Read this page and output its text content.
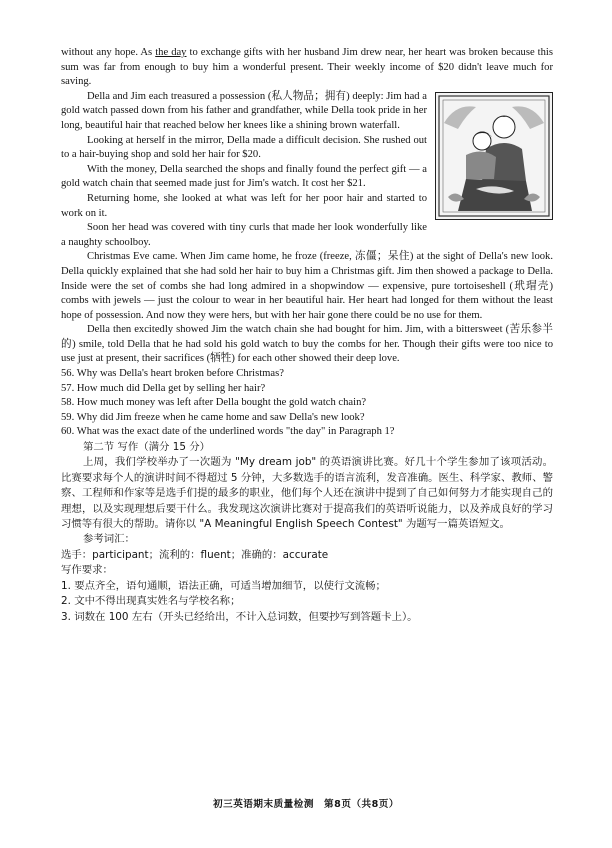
without any hope. As the day to exchange gifts with her husband Jim drew near, her heart was broken because this sum was far from enough to buy him a wonderful present. Their weekly income of $20 didn't leave much for saving.

Della and Jim each treasured a possession (私人物品；拥有) deeply: Jim had a gold watch passed down from his father and grandfather, while Della took pride in her long, beautiful hair that reached below her knees like a shining brown waterfall.

Looking at herself in the mirror, Della made a difficult decision. She rushed out to a hair-buying shop and sold her hair for $20.

With the money, Della searched the shops and finally found the perfect gift — a gold watch chain that seemed made just for Jim's watch. It cost her $21.

Returning home, she looked at what was left for her poor hair and started to work on it.

Soon her head was covered with tiny curls that made her look wonderfully like a naughty schoolboy.

Christmas Eve came. When Jim came home, he froze (freeze, 冻僵；呆住) at the sight of Della's new look. Della quickly explained that she had sold her hair to buy him a Christmas gift. Jim then showed a package to Della. Inside were the set of combs she had long admired in a shopwindow — expensive, pure tortoiseshell (玳瑁壳) combs with jewels — just the colour to wear in her beautiful hair. Her heart had longed for them without the least hope of possession. And now they were hers, but with her hair gone there could be no use for them.

Della then excitedly showed Jim the watch chain she had bought for him. Jim, with a bittersweet (苦乐参半的) smile, told Della that he had sold his gold watch to buy the combs for her. Though their gifts were too nice to use just at present, their sacrifices (牺牲) for each other showed their deep love.

56. Why was Della's heart broken before Christmas?

57. How much did Della get by selling her hair?

58. How much money was left after Della bought the gold watch chain?

59. Why did Jim freeze when he came home and saw Della's new look?

60. What was the exact date of the underlined words "the day" in Paragraph 1?

第二节 写作（满分 15 分）

上周，我们学校举办了一次题为 "My dream job" 的英语演讲比赛。好几十个学生参加了该项活动。比赛要求每个人的演讲时间不得超过 5 分钟，大多数选手的语言流利，发音准确。医生、科学家、教师、警察、工程师和作家等是选手们提的最多的职业，他们每个人还在演讲中提到了自己如何努力才能实现自己的理想，以及实现理想后要干什么。我发现这次演讲比赛对于提高我们的英语听说能力，以及养成良好的学习习惯等有很大的帮助。请你以 "A Meaningful English Speech Contest" 为题写一篇英语短文。

参考词汇：

选手：participant；流利的：fluent；准确的：accurate

写作要求：

1. 要点齐全，语句通顺，语法正确，可适当增加细节，以使行文流畅；

2. 文中不得出现真实姓名与学校名称；

3. 词数在 100 左右（开头已经给出，不计入总词数，但要抄写到答题卡上）。

初三英语期末质量检测　第8页（共8页）
